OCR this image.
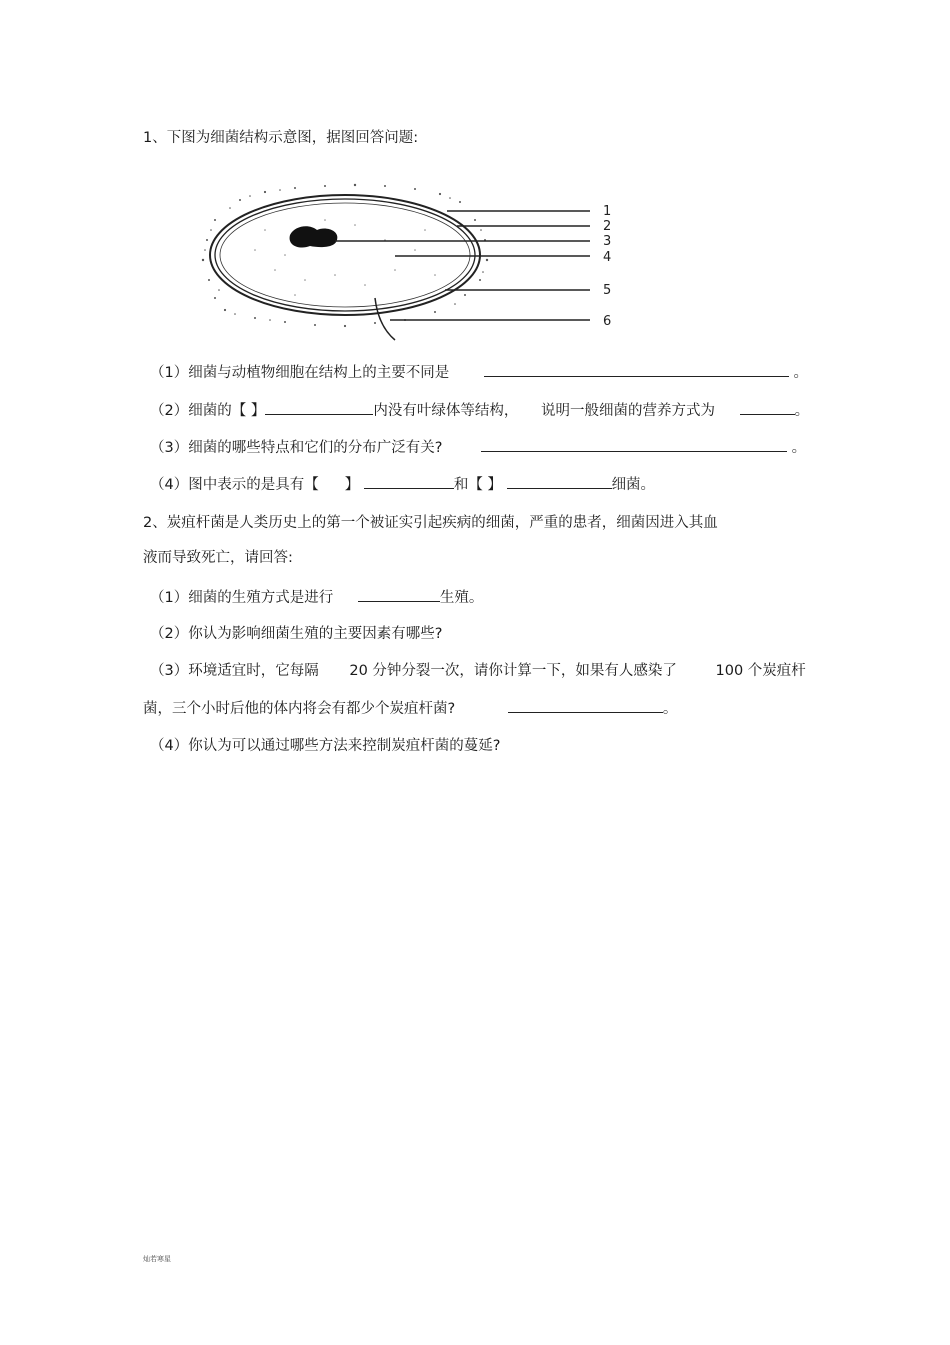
1、下图为细菌结构示意图，据图回答问题:
1
2
3
4
5
6
（1）细菌与动植物细胞在结构上的主要不同是	。
（2）细菌的【 】	内没有叶绿体等结构， 说明一般细菌的营养方式为	。
（3）细菌的哪些特点和它们的分布广泛有关?	。
（4）图中表示的是具有【 】	和【 】	细菌。
2、炭疽杆菌是人类历史上的第一个被证实引起疾病的细菌，严重的患者，细菌因进入其血
液而导致死亡，请回答:
（1）细菌的生殖方式是进行	生殖。
（2）你认为影响细菌生殖的主要因素有哪些?
（3）环境适宜时，它每隔 20 分钟分裂一次，请你计算一下，如果有人感染了	100 个炭疽杆
菌，三个小时后他的体内将会有都少个炭疽杆菌?	。
（4）你认为可以通过哪些方法来控制炭疽杆菌的蔓延?
灿若寒星
